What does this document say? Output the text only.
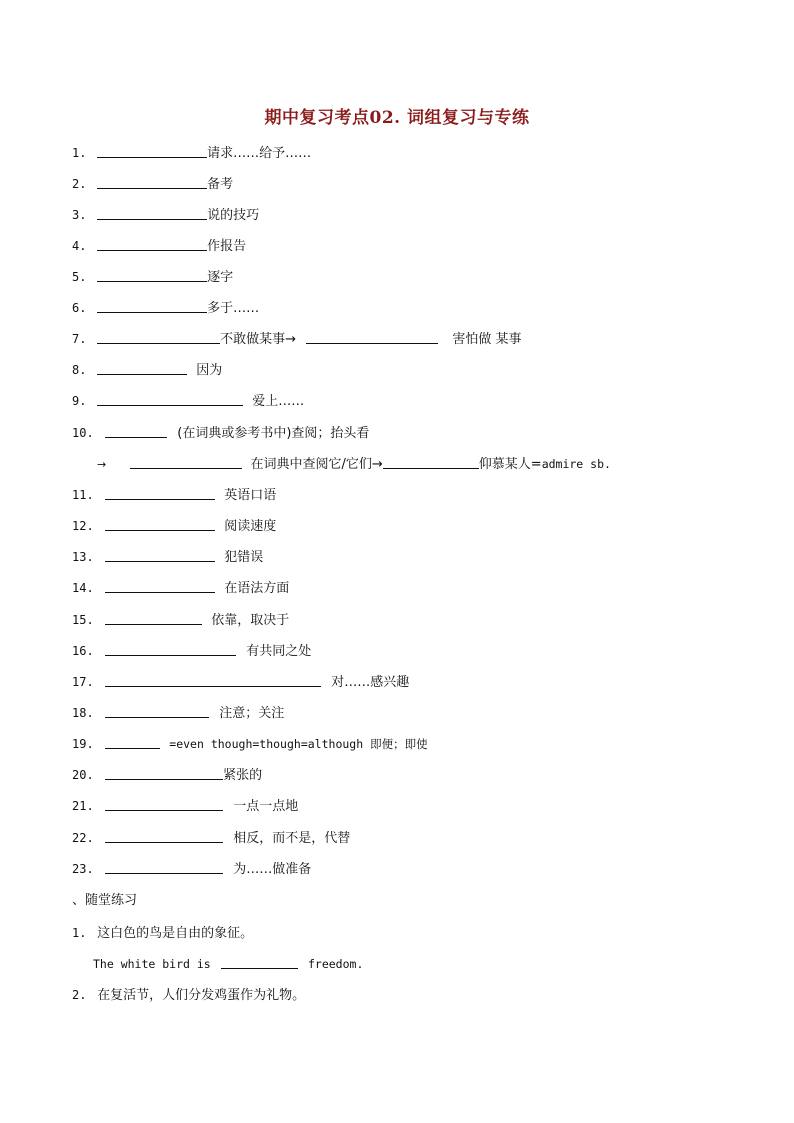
期中复习考点02. 词组复习与专练
1.	请求……给予……
2.	备考
3.	说的技巧
4.	作报告
5.	逐字
6.	多于……
7.	不敢做某事→	害怕做 某事
8.	因为
9.	爱上……
10.	(在词典或参考书中)查阅；抬头看
→	在词典中查阅它/它们→	仰慕某人=admire sb.
11.	英语口语
12.	阅读速度
13.	犯错误
14.	在语法方面
15.	依靠，取决于
16.	有共同之处
17.	对……感兴趣
18.	注意；关注
19.	=even though=though=although 即便；即使
20.	紧张的
21.	一点一点地
22.	相反，而不是，代替
23.	为……做准备
、随堂练习
1. 这白色的鸟是自由的象征。
The white bird is	freedom.
2. 在复活节，人们分发鸡蛋作为礼物。
